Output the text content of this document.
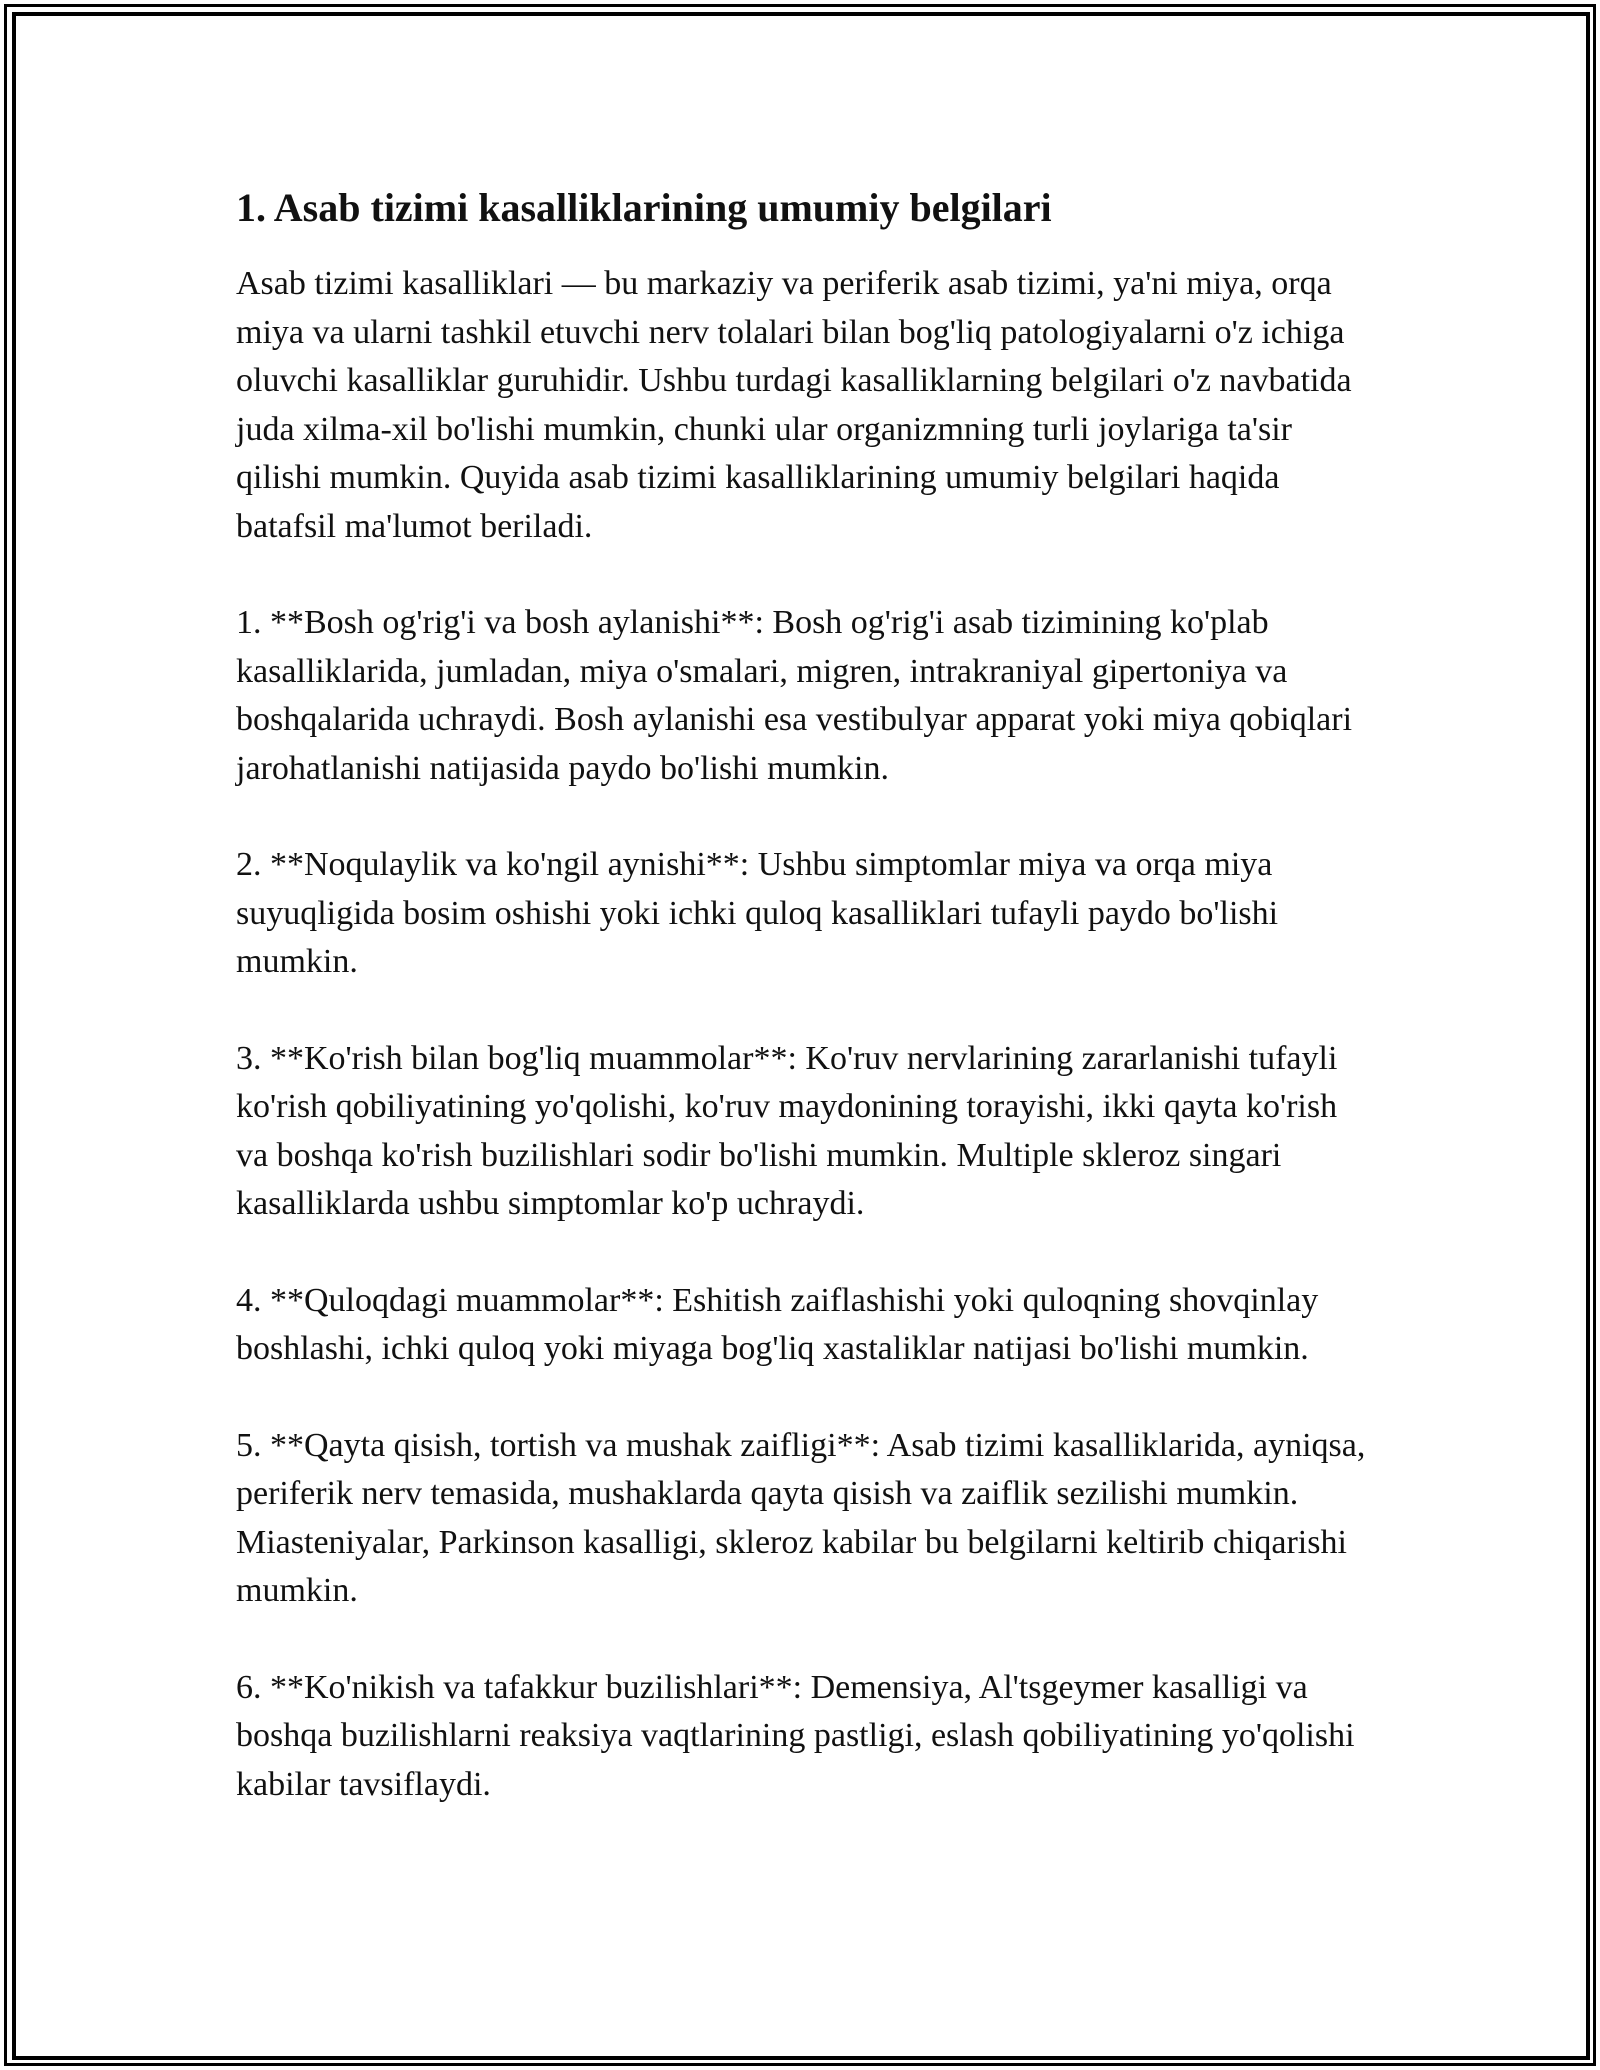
1. Asab tizimi kasalliklarining umumiy belgilari

Asab tizimi kasalliklari — bu markaziy va periferik asab tizimi, ya'ni miya, orqa miya va ularni tashkil etuvchi nerv tolalari bilan bog'liq patologiyalarni o'z ichiga oluvchi kasalliklar guruhidir. Ushbu turdagi kasalliklarning belgilari o'z navbatida juda xilma-xil bo'lishi mumkin, chunki ular organizmning turli joylariga ta'sir qilishi mumkin. Quyida asab tizimi kasalliklarining umumiy belgilari haqida batafsil ma'lumot beriladi.

1. **Bosh og'rig'i va bosh aylanishi**: Bosh og'rig'i asab tizimining ko'plab kasalliklarida, jumladan, miya o'smalari, migren, intrakraniyal gipertoniya va boshqalarida uchraydi. Bosh aylanishi esa vestibulyar apparat yoki miya qobiqlari jarohatlanishi natijasida paydo bo'lishi mumkin.

2. **Noqulaylik va ko'ngil aynishi**: Ushbu simptomlar miya va orqa miya suyuqligida bosim oshishi yoki ichki quloq kasalliklari tufayli paydo bo'lishi mumkin.

3. **Ko'rish bilan bog'liq muammolar**: Ko'ruv nervlarining zararlanishi tufayli ko'rish qobiliyatining yo'qolishi, ko'ruv maydonining torayishi, ikki qayta ko'rish va boshqa ko'rish buzilishlari sodir bo'lishi mumkin. Multiple skleroz singari kasalliklarda ushbu simptomlar ko'p uchraydi.

4. **Quloqdagi muammolar**: Eshitish zaiflashishi yoki quloqning shovqinlay boshlashi, ichki quloq yoki miyaga bog'liq xastaliklar natijasi bo'lishi mumkin.

5. **Qayta qisish, tortish va mushak zaifligi**: Asab tizimi kasalliklarida, ayniqsa, periferik nerv temasida, mushaklarda qayta qisish va zaiflik sezilishi mumkin. Miasteniyalar, Parkinson kasalligi, skleroz kabilar bu belgilarni keltirib chiqarishi mumkin.

6. **Ko'nikish va tafakkur buzilishlari**: Demensiya, Al'tsgeymer kasalligi va boshqa buzilishlarni reaksiya vaqtlarining pastligi, eslash qobiliyatining yo'qolishi kabilar tavsiflaydi.
